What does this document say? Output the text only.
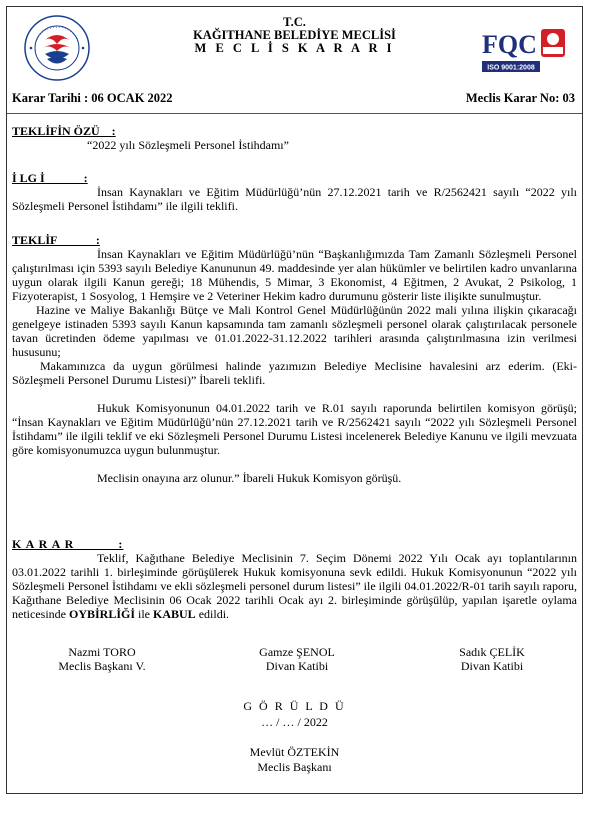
T.C.
KAĞITHANE BELEDİYE MECLİSİ
M E C L İ S K A R A R I	FQC
ISO 9001:2008
Karar Tarihi : 06 OCAK 2022	Meclis Karar No: 03
TEKLİFİN ÖZÜ    :
“2022 yılı Sözleşmeli Personel İstihdamı”
İ LG İ             :

İnsan Kaynakları ve Eğitim Müdürlüğü’nün 27.12.2021 tarih ve R/2562421 sayılı “2022 yılı Sözleşmeli Personel İstihdamı” ile ilgili teklifi.

TEKLİF             :

İnsan Kaynakları ve Eğitim Müdürlüğü’nün “Başkanlığımızda Tam Zamanlı Sözleşmeli Personel çalıştırılması için 5393 sayılı Belediye Kanununun 49. maddesinde yer alan hükümler ve belirtilen kadro unvanlarına uygun olarak ilgili Kanun gereği; 18 Mühendis, 5 Mimar, 3 Ekonomist, 4 Eğitmen, 2 Avukat, 2 Psikolog, 1 Fizyoterapist, 1 Sosyolog, 1 Hemşire ve 2 Veteriner Hekim kadro durumunu gösterir liste ilişikte sunulmuştur.

Hazine ve Maliye Bakanlığı Bütçe ve Mali Kontrol Genel Müdürlüğünün 2022 mali yılına ilişkin çıkaracağı genelgeye istinaden 5393 sayılı Kanun kapsamında tam zamanlı sözleşmeli personel olarak çalıştırılacak personele tavan ücretinden ödeme yapılması ve 01.01.2022-31.12.2022 tarihleri arasında çalıştırılmasına izin verilmesi hususunu;

Makamınızca da uygun görülmesi halinde yazımızın Belediye Meclisine havalesini arz ederim. (Eki-Sözleşmeli Personel Durumu Listesi)” İbareli teklifi.

Hukuk Komisyonunun 04.01.2022 tarih ve R.01 sayılı raporunda belirtilen komisyon görüşü; “İnsan Kaynakları ve Eğitim Müdürlüğü’nün 27.12.2021 tarih ve R/2562421 sayılı “2022 yılı Sözleşmeli Personel İstihdamı” ile ilgili teklif ve eki Sözleşmeli Personel Durumu Listesi incelenerek Belediye Kanunu ve ilgili mevzuata göre komisyonumuzca uygun bulunmuştur.

Meclisin onayına arz olunur.” İbareli Hukuk Komisyon görüşü.

K A R A R           :

Teklif, Kağıthane Belediye Meclisinin 7. Seçim Dönemi 2022 Yılı Ocak ayı toplantılarının 03.01.2022 tarihli 1. birleşiminde görüşülerek Hukuk komisyonuna sevk edildi. Hukuk Komisyonunun “2022 yılı Sözleşmeli Personel İstihdamı ve ekli sözleşmeli personel durum listesi” ile ilgili 04.01.2022/R-01 tarih sayılı raporu, Kağıthane Belediye Meclisinin 06 Ocak 2022 tarihli Ocak ayı 2. birleşiminde görüşülüp, yapılan işaretle oylama neticesinde OYBİRLİĞİ ile KABUL edildi.

Nazmi TORO
Meclis Başkanı V.
Gamze ŞENOL
Divan Katibi
Sadık ÇELİK
Divan Katibi
G Ö R Ü L D Ü
… / … / 2022
Mevlüt ÖZTEKİN
Meclis Başkanı
